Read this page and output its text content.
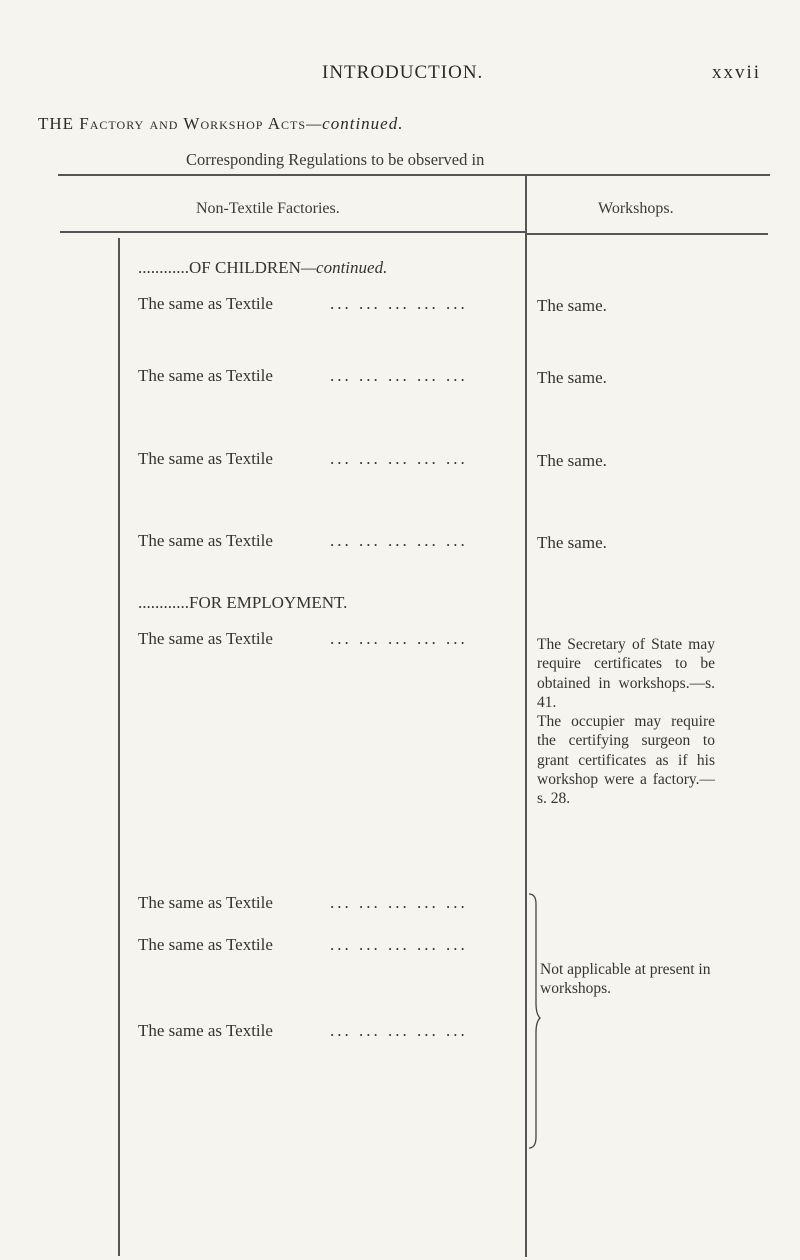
INTRODUCTION.	xxvii
THE Factory and Workshop Acts—continued.
Corresponding Regulations to be observed in
Non-Textile Factories.	Workshops.
............OF CHILDREN—continued.
............FOR EMPLOYMENT.
The same as Textile	... ... ... ... ...	The same.
The same as Textile	... ... ... ... ...	The same.
The same as Textile	... ... ... ... ...	The same.
The same as Textile	... ... ... ... ...	The same.
The same as Textile	... ... ... ... ...	The Secretary of State may require certificates to be obtained in workshops.—s. 41.

The occupier may require the certifying surgeon to grant certificates as if his workshop were a factory.—s. 28.

The same as Textile	... ... ... ... ...
The same as Textile	... ... ... ... ...
The same as Textile	... ... ... ... ...
Not applicable at present in workshops.
